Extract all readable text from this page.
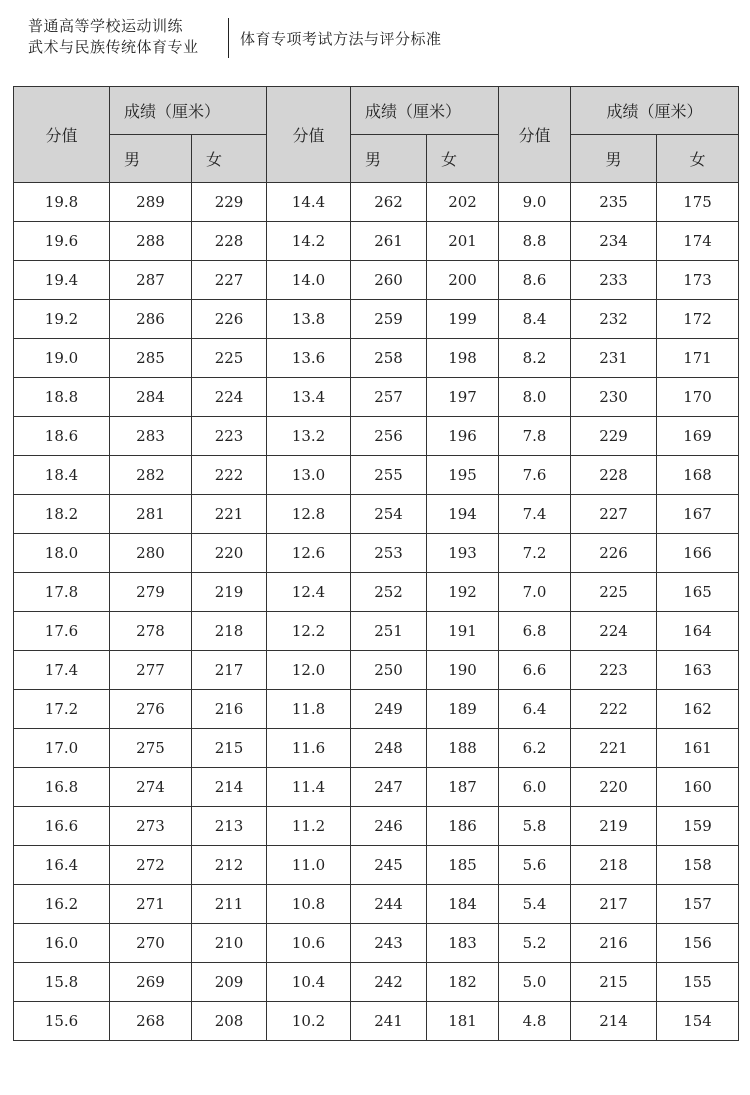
普通高等学校运动训练
武术与民族传统体育专业	体育专项考试方法与评分标准
分值	成绩（厘米）		分值	成绩（厘米）		分值	成绩（厘米）	
	男	女		男	女		男	女
19.8	289	229	14.4	262	202	9.0	235	175
19.6	288	228	14.2	261	201	8.8	234	174
19.4	287	227	14.0	260	200	8.6	233	173
19.2	286	226	13.8	259	199	8.4	232	172
19.0	285	225	13.6	258	198	8.2	231	171
18.8	284	224	13.4	257	197	8.0	230	170
18.6	283	223	13.2	256	196	7.8	229	169
18.4	282	222	13.0	255	195	7.6	228	168
18.2	281	221	12.8	254	194	7.4	227	167
18.0	280	220	12.6	253	193	7.2	226	166
17.8	279	219	12.4	252	192	7.0	225	165
17.6	278	218	12.2	251	191	6.8	224	164
17.4	277	217	12.0	250	190	6.6	223	163
17.2	276	216	11.8	249	189	6.4	222	162
17.0	275	215	11.6	248	188	6.2	221	161
16.8	274	214	11.4	247	187	6.0	220	160
16.6	273	213	11.2	246	186	5.8	219	159
16.4	272	212	11.0	245	185	5.6	218	158
16.2	271	211	10.8	244	184	5.4	217	157
16.0	270	210	10.6	243	183	5.2	216	156
15.8	269	209	10.4	242	182	5.0	215	155
15.6	268	208	10.2	241	181	4.8	214	154
